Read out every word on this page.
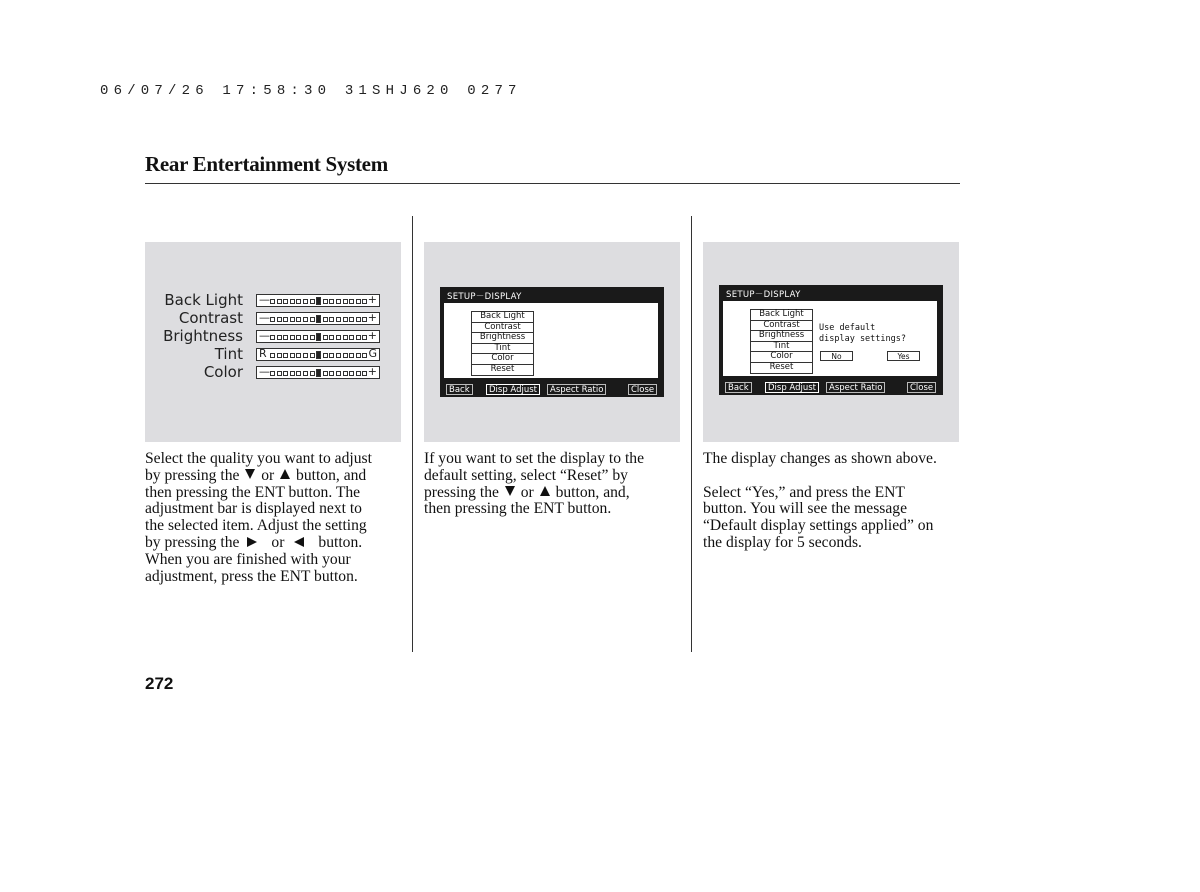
06/07/26 17:58:30 31SHJ620 0277
Rear Entertainment System
Back Light —	+
Contrast —	+
Brightness —	+
Tint R	G
Color —	+
SETUP－DISPLAY
Back Light
Contrast
Brightness
Tint
Color
Reset
Back	Disp Adjust	Aspect Ratio	Close
SETUP－DISPLAY
Back Light
Contrast
Brightness
Tint
Color
Reset
Use default
display settings?
No	Yes
Back	Disp Adjust	Aspect Ratio	Close
Select the quality you want to adjust
by pressing the or button, and
then pressing the ENT button. The
adjustment bar is displayed next to
the selected item. Adjust the setting
by pressing the or button.
When you are finished with your
adjustment, press the ENT button.
If you want to set the display to the
default setting, select “Reset” by
pressing the or button, and,
then pressing the ENT button.

The display changes as shown above.

Select “Yes,” and press the ENT
button. You will see the message
“Default display settings applied” on
the display for 5 seconds.
272
